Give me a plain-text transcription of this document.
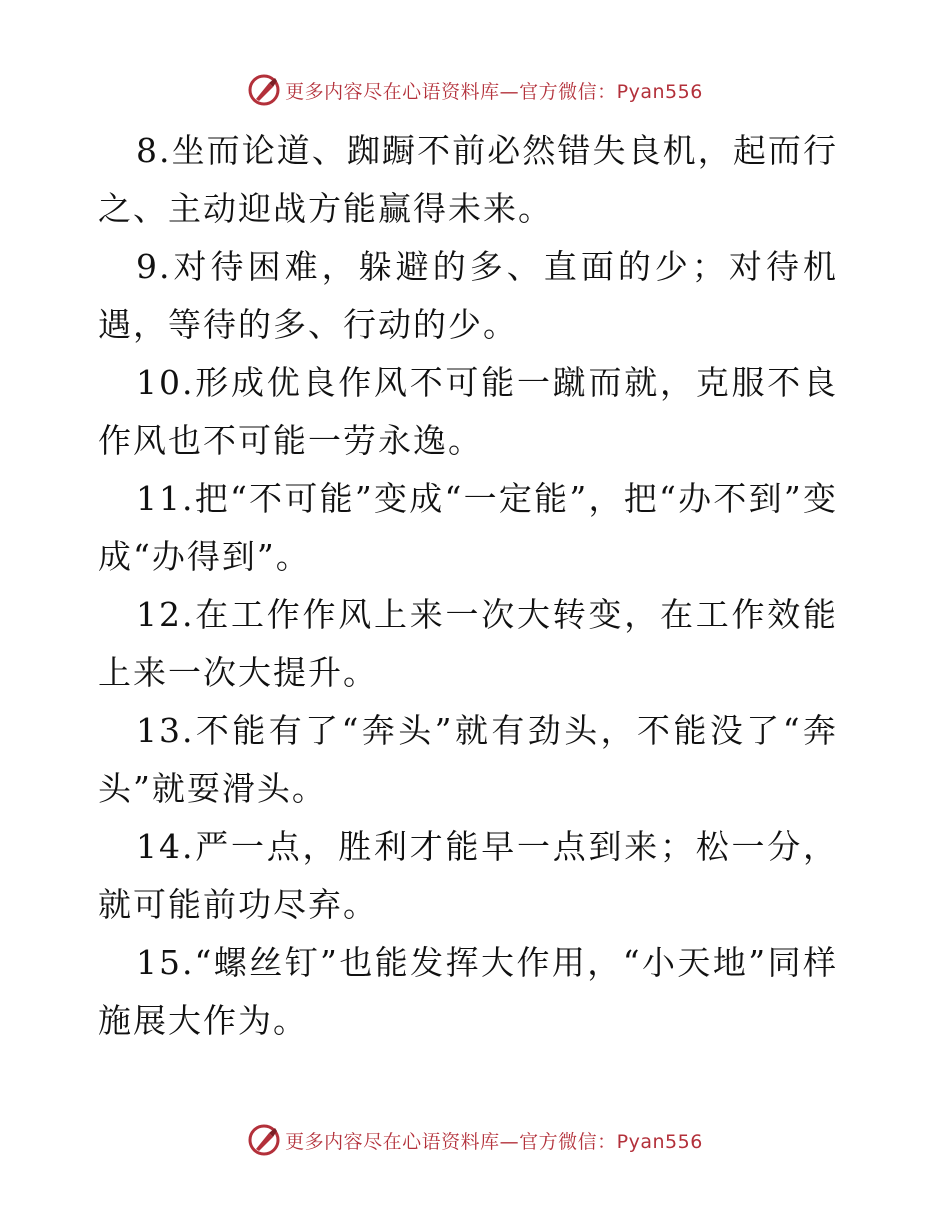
更多内容尽在心语资料库—官方微信：Pyan556

8.坐而论道、踟蹰不前必然错失良机，起而行之、主动迎战方能赢得未来。

9.对待困难，躲避的多、直面的少；对待机遇，等待的多、行动的少。

10.形成优良作风不可能一蹴而就，克服不良作风也不可能一劳永逸。

11.把“不可能”变成“一定能”，把“办不到”变成“办得到”。

12.在工作作风上来一次大转变，在工作效能上来一次大提升。

13.不能有了“奔头”就有劲头，不能没了“奔头”就耍滑头。

14.严一点，胜利才能早一点到来；松一分，就可能前功尽弃。

15.“螺丝钉”也能发挥大作用，“小天地”同样施展大作为。

更多内容尽在心语资料库—官方微信：Pyan556
